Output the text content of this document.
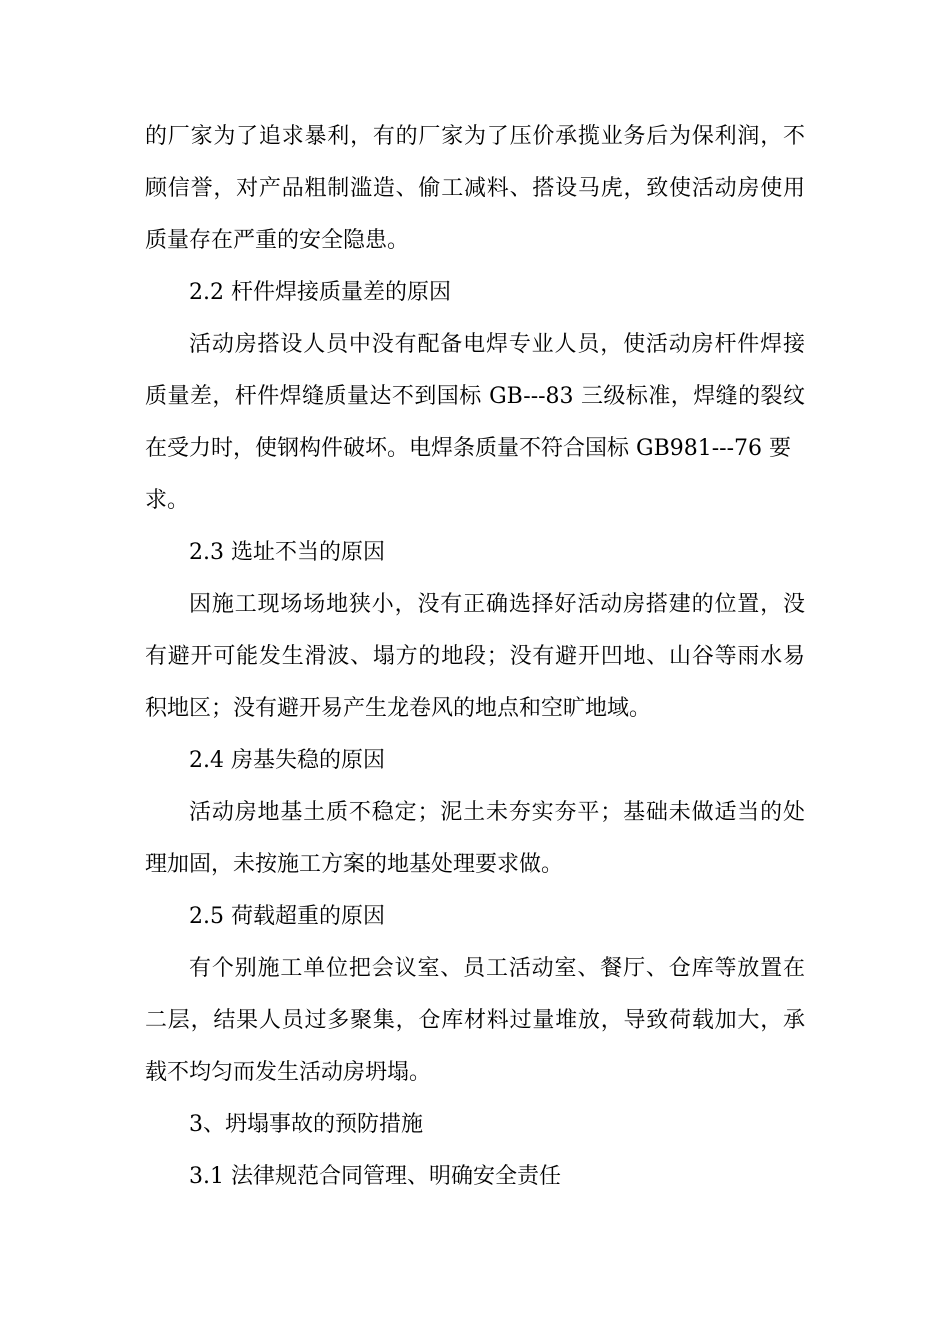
的厂家为了追求暴利，有的厂家为了压价承揽业务后为保利润，不
顾信誉，对产品粗制滥造、偷工减料、搭设马虎，致使活动房使用
质量存在严重的安全隐患。
2.2 杆件焊接质量差的原因
活动房搭设人员中没有配备电焊专业人员，使活动房杆件焊接
质量差，杆件焊缝质量达不到国标 GB---83 三级标准，焊缝的裂纹
在受力时，使钢构件破坏。电焊条质量不符合国标 GB981---76 要
求。
2.3 选址不当的原因
因施工现场场地狭小，没有正确选择好活动房搭建的位置，没
有避开可能发生滑波、塌方的地段；没有避开凹地、山谷等雨水易
积地区；没有避开易产生龙卷风的地点和空旷地域。
2.4 房基失稳的原因
活动房地基土质不稳定；泥土未夯实夯平；基础未做适当的处
理加固，未按施工方案的地基处理要求做。
2.5 荷载超重的原因
有个别施工单位把会议室、员工活动室、餐厅、仓库等放置在
二层，结果人员过多聚集，仓库材料过量堆放，导致荷载加大，承
载不均匀而发生活动房坍塌。
3、坍塌事故的预防措施
3.1 法律规范合同管理、明确安全责任
